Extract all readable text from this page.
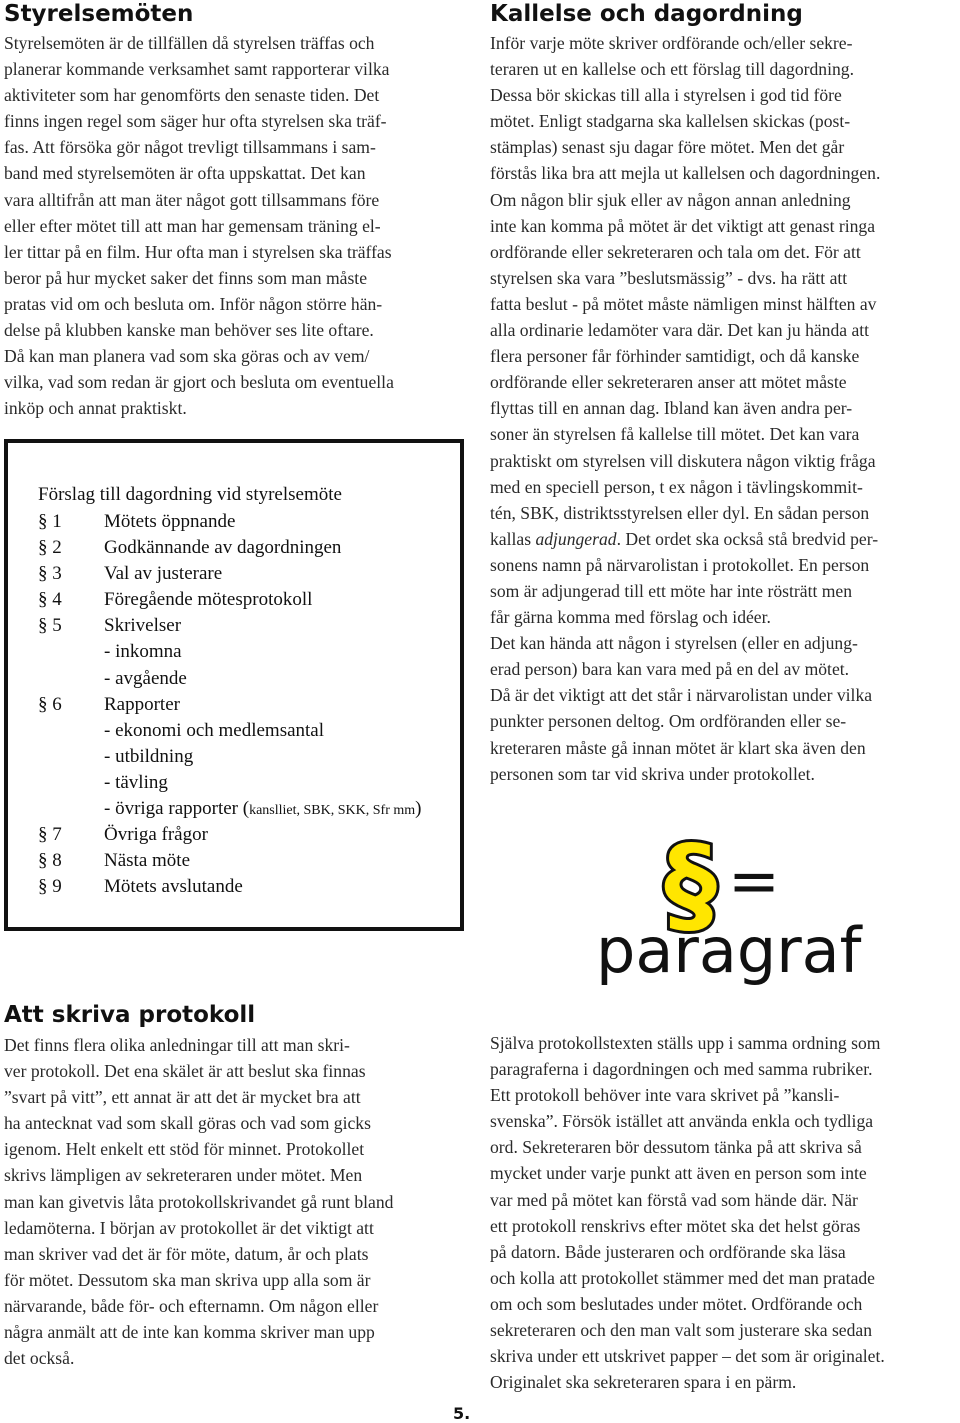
Styrelsemöten

Styrelsemöten är de tillfällen då styrelsen träffas och
planerar kommande verksamhet samt rapporterar vilka
aktiviteter som har genomförts den senaste tiden. Det
finns ingen regel som säger hur ofta styrelsen ska träf-
fas. Att försöka gör något trevligt tillsammans i sam-
band med styrelsemöten är ofta uppskattat. Det kan
vara alltifrån att man äter något gott tillsammans före
eller efter mötet till att man har gemensam träning el-
ler tittar på en film. Hur ofta man i styrelsen ska träffas
beror på hur mycket saker det finns som man måste
pratas vid om och besluta om. Inför någon större hän-
delse på klubben kanske man behöver ses lite oftare.
Då kan man planera vad som ska göras och av vem/
vilka, vad som redan är gjort och besluta om eventuella
inköp och annat praktiskt.

Förslag till dagordning vid styrelsemöte
§ 1 Mötets öppnande
§ 2 Godkännande av dagordningen
§ 3 Val av justerare
§ 4 Föregående mötesprotokoll
§ 5 Skrivelser
- inkomna
- avgående
§ 6 Rapporter
- ekonomi och medlemsantal
- utbildning
- tävling
- övriga rapporter (kanslliet, SBK, SKK, Sfr mm)
§ 7 Övriga frågor
§ 8 Nästa möte
§ 9 Mötets avslutande
Att skriva protokoll

Det finns flera olika anledningar till att man skri-
ver protokoll. Det ena skälet är att beslut ska finnas
”svart på vitt”, ett annat är att det är mycket bra att
ha antecknat vad som skall göras och vad som gicks
igenom. Helt enkelt ett stöd för minnet. Protokollet
skrivs lämpligen av sekreteraren under mötet. Men
man kan givetvis låta protokollskrivandet gå runt bland
ledamöterna. I början av protokollet är det viktigt att
man skriver vad det är för möte, datum, år och plats
för mötet. Dessutom ska man skriva upp alla som är
närvarande, både för- och efternamn. Om någon eller
några anmält att de inte kan komma skriver man upp
det också.

Kallelse och dagordning

Inför varje möte skriver ordförande och/eller sekre-
teraren ut en kallelse och ett förslag till dagordning.
Dessa bör skickas till alla i styrelsen i god tid före
mötet. Enligt stadgarna ska kallelsen skickas (post-
stämplas) senast sju dagar före mötet. Men det går
förstås lika bra att mejla ut kallelsen och dagordningen.
Om någon blir sjuk eller av någon annan anledning
inte kan komma på mötet är det viktigt att genast ringa
ordförande eller sekreteraren och tala om det. För att
styrelsen ska vara ”beslutsmässig” - dvs. ha rätt att
fatta beslut - på mötet måste nämligen minst hälften av
alla ordinarie ledamöter vara där. Det kan ju hända att
flera personer får förhinder samtidigt, och då kanske
ordförande eller sekreteraren anser att mötet måste
flyttas till en annan dag. Ibland kan även andra per-
soner än styrelsen få kallelse till mötet. Det kan vara
praktiskt om styrelsen vill diskutera någon viktig fråga
med en speciell person, t ex någon i tävlingskommit-
tén, SBK, distriktsstyrelsen eller dyl. En sådan person
kallas adjungerad. Det ordet ska också stå bredvid per-
sonens namn på närvarolistan i protokollet. En person
som är adjungerad till ett möte har inte rösträtt men
får gärna komma med förslag och idéer.
Det kan hända att någon i styrelsen (eller en adjung-
erad person) bara kan vara med på en del av mötet.
Då är det viktigt att det står i närvarolistan under vilka
punkter personen deltog. Om ordföranden eller se-
kreteraren måste gå innan mötet är klart ska även den
personen som tar vid skriva under protokollet.

§ =
paragraf

Själva protokollstexten ställs upp i samma ordning som
paragraferna i dagordningen och med samma rubriker.
Ett protokoll behöver inte vara skrivet på ”kansli-
svenska”. Försök istället att använda enkla och tydliga
ord. Sekreteraren bör dessutom tänka på att skriva så
mycket under varje punkt att även en person som inte
var med på mötet kan förstå vad som hände där. När
ett protokoll renskrivs efter mötet ska det helst göras
på datorn. Både justeraren och ordförande ska läsa
och kolla att protokollet stämmer med det man pratade
om och som beslutades under mötet. Ordförande och
sekreteraren och den man valt som justerare ska sedan
skriva under ett utskrivet papper – det som är originalet.
Originalet ska sekreteraren spara i en pärm.

5.
